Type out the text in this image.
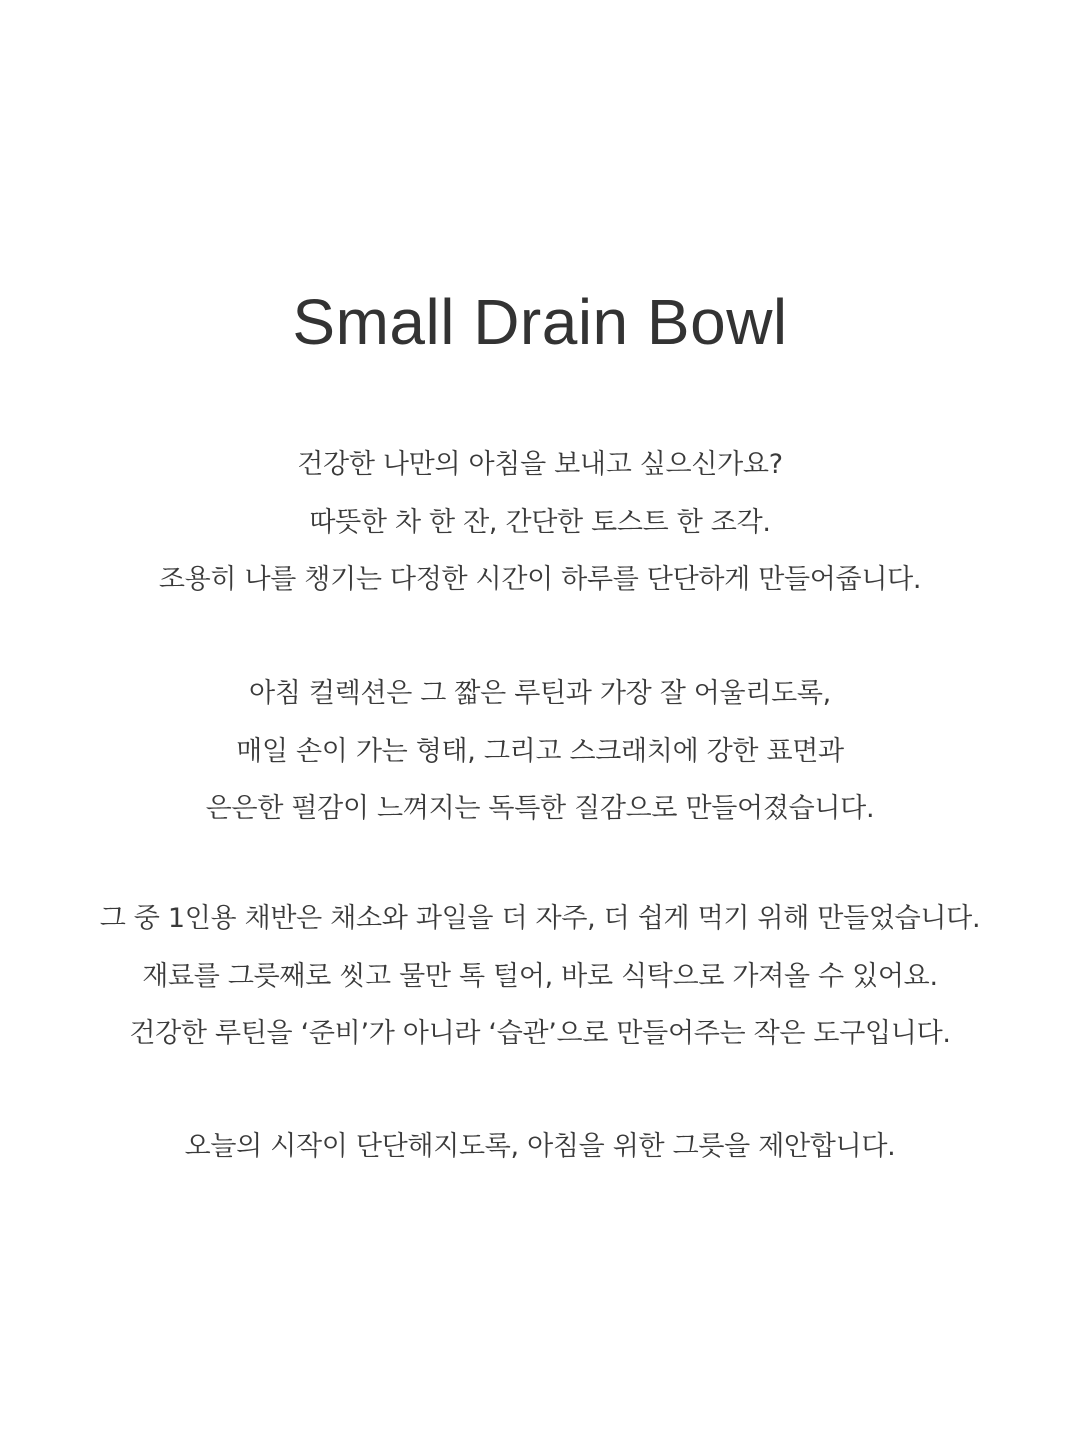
Small Drain Bowl

건강한 나만의 아침을 보내고 싶으신가요?
따뜻한 차 한 잔, 간단한 토스트 한 조각.
조용히 나를 챙기는 다정한 시간이 하루를 단단하게 만들어줍니다.

아침 컬렉션은 그 짧은 루틴과 가장 잘 어울리도록,
매일 손이 가는 형태, 그리고 스크래치에 강한 표면과
은은한 펄감이 느껴지는 독특한 질감으로 만들어졌습니다.

그 중 1인용 채반은 채소와 과일을 더 자주, 더 쉽게 먹기 위해 만들었습니다.
재료를 그릇째로 씻고 물만 톡 털어, 바로 식탁으로 가져올 수 있어요.
건강한 루틴을 ‘준비’가 아니라 ‘습관’으로 만들어주는 작은 도구입니다.

오늘의 시작이 단단해지도록, 아침을 위한 그릇을 제안합니다.
